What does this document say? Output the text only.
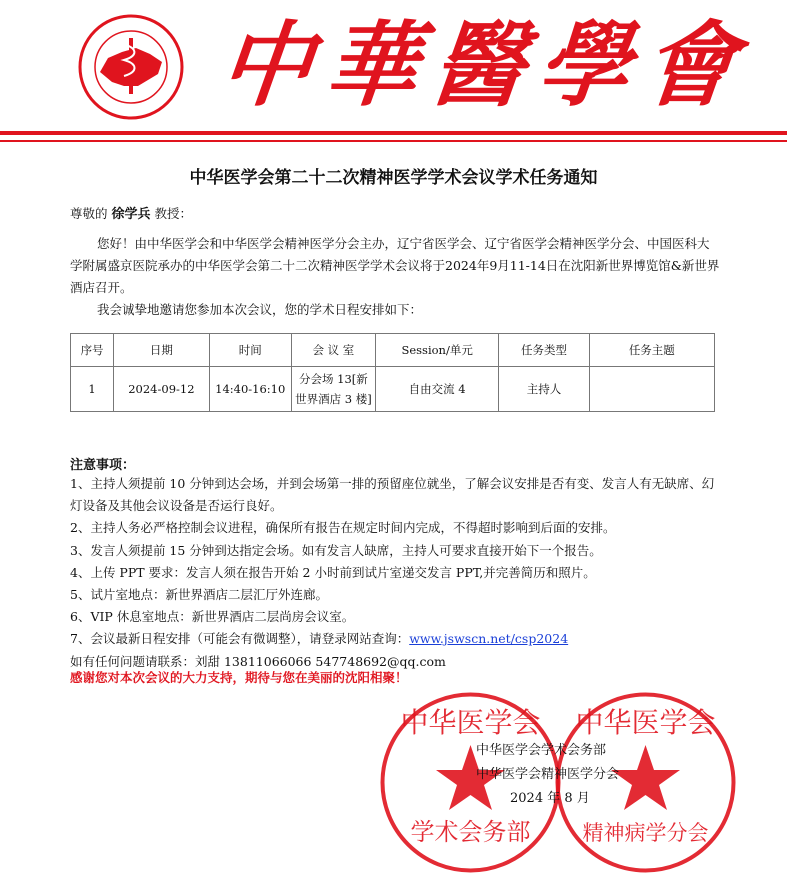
中華醫學會
中华医学会第二十二次精神医学学术会议学术任务通知
尊敬的 徐学兵 教授：
您好！由中华医学会和中华医学会精神医学分会主办，辽宁省医学会、辽宁省医学会精神医学分会、中国医科大学附属盛京医院承办的中华医学会第二十二次精神医学学术会议将于2024年9月11-14日在沈阳新世界博览馆&新世界酒店召开。
我会诚挚地邀请您参加本次会议，您的学术日程安排如下：
序号	日期	时间	会 议 室	Session/单元	任务类型	任务主题
1	2024-09-12	14:40-16:10	分会场 13[新世界酒店 3 楼]	自由交流 4	主持人	
注意事项：
1、主持人须提前 10 分钟到达会场，并到会场第一排的预留座位就坐，了解会议安排是否有变、发言人有无缺席、幻灯设备及其他会议设备是否运行良好。
2、主持人务必严格控制会议进程，确保所有报告在规定时间内完成，不得超时影响到后面的安排。
3、发言人须提前 15 分钟到达指定会场。如有发言人缺席，主持人可要求直接开始下一个报告。
4、上传 PPT 要求：发言人须在报告开始 2 小时前到试片室递交发言 PPT,并完善简历和照片。
5、试片室地点：新世界酒店二层汇厅外连廊。
6、VIP 休息室地点：新世界酒店二层尚房会议室。
7、会议最新日程安排（可能会有微调整），请登录网站查询：www.jswscn.net/csp2024
如有任何问题请联系：刘甜 13811066066 547748692@qq.com
感谢您对本次会议的大力支持，期待与您在美丽的沈阳相聚！
中华医学会
学术会务部
中华医学会
精神病学分会
中华医学会学术会务部
中华医学会精神医学分会
2024 年 8 月
